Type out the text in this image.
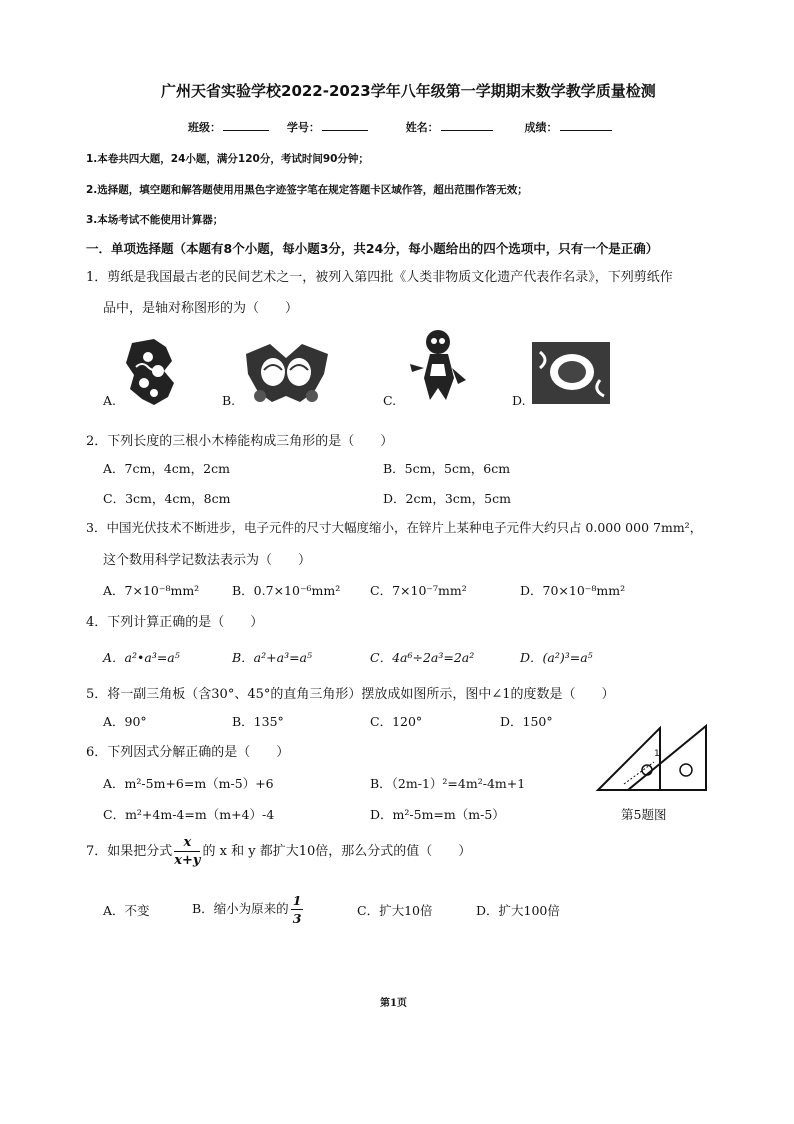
广州天省实验学校2022-2023学年八年级第一学期期末数学教学质量检测
班级：	学号：	姓名：	成绩：
1.本卷共四大题，24小题，满分120分，考试时间90分钟；
2.选择题，填空题和解答题使用用黑色字迹签字笔在规定答题卡区域作答，超出范围作答无效；
3.本场考试不能使用计算器；
一．单项选择题（本题有8个小题，每小题3分，共24分，每小题给出的四个选项中，只有一个是正确）
1．剪纸是我国最古老的民间艺术之一，被列入第四批《人类非物质文化遗产代表作名录》，下列剪纸作
品中，是轴对称图形的为（　　）
A.	B.	C.	D.
2．下列长度的三根小木棒能构成三角形的是（　　）
A．7cm，4cm，2cm	B．5cm，5cm，6cm
C．3cm，4cm，8cm	D．2cm，3cm，5cm
3．中国光伏技术不断进步，电子元件的尺寸大幅度缩小，在锌片上某种电子元件大约只占 0.000 000 7mm²，
这个数用科学记数法表示为（　　）
A．7×10⁻⁸mm²	B．0.7×10⁻⁶mm² C．7×10⁻⁷mm²	D．70×10⁻⁸mm²
4．下列计算正确的是（　　）
A．a²•a³=a⁵	B．a²+a³=a⁵	C．4a⁶÷2a³=2a²	D．(a²)³=a⁵
5．将一副三角板（含30°、45°的直角三角形）摆放成如图所示，图中∠1的度数是（　　）
A．90°	B．135°	C．120°	D．150°
1
第5题图
6．下列因式分解正确的是（　　）
A．m²-5m+6=m（m-5）+6	B．（2m-1）²=4m²-4m+1
C．m²+4m-4=m（m+4）-4	D．m²-5m=m（m-5）
7．如果把分式 $\frac{x}{x+y}$ 的 x 和 y 都扩大10倍，那么分式的值（　　）
A．不变	B．缩小为原来的 $\frac{1}{3}$	C．扩大10倍	D．扩大100倍
第1页
